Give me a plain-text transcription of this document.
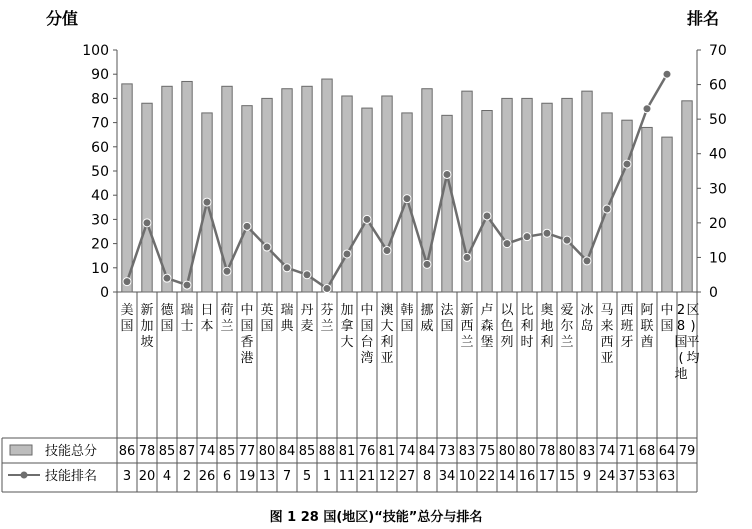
0
10
20
30
40
50
60
70
80
90
100
0
10
20
30
40
50
60
70
美国
新加坡
德国
瑞士
日本
荷兰
中国香港
英国
瑞典
丹麦
芬兰
加拿大
中国台湾
澳大利亚
韩国
挪威
法国
新西兰
卢森堡
以色列
比利时
奥地利
爱尔兰
冰岛
马来西亚
西班牙
阿联酋
中国
2 8 国(地区)平均
技能总分
技能排名
86 78 85 87 74 85 77 80 84 85 88 81 76 81 74 84 73 83 75 80 80 78 80 83 74 71 68 64 79
3 20 4 2 26 6 19 13 7 5 1 11 21 12 27 8 34 10 22 14 16 17 15 9 24 37 53 63
分值	排名
图 1 28 国(地区)“技能”总分与排名
